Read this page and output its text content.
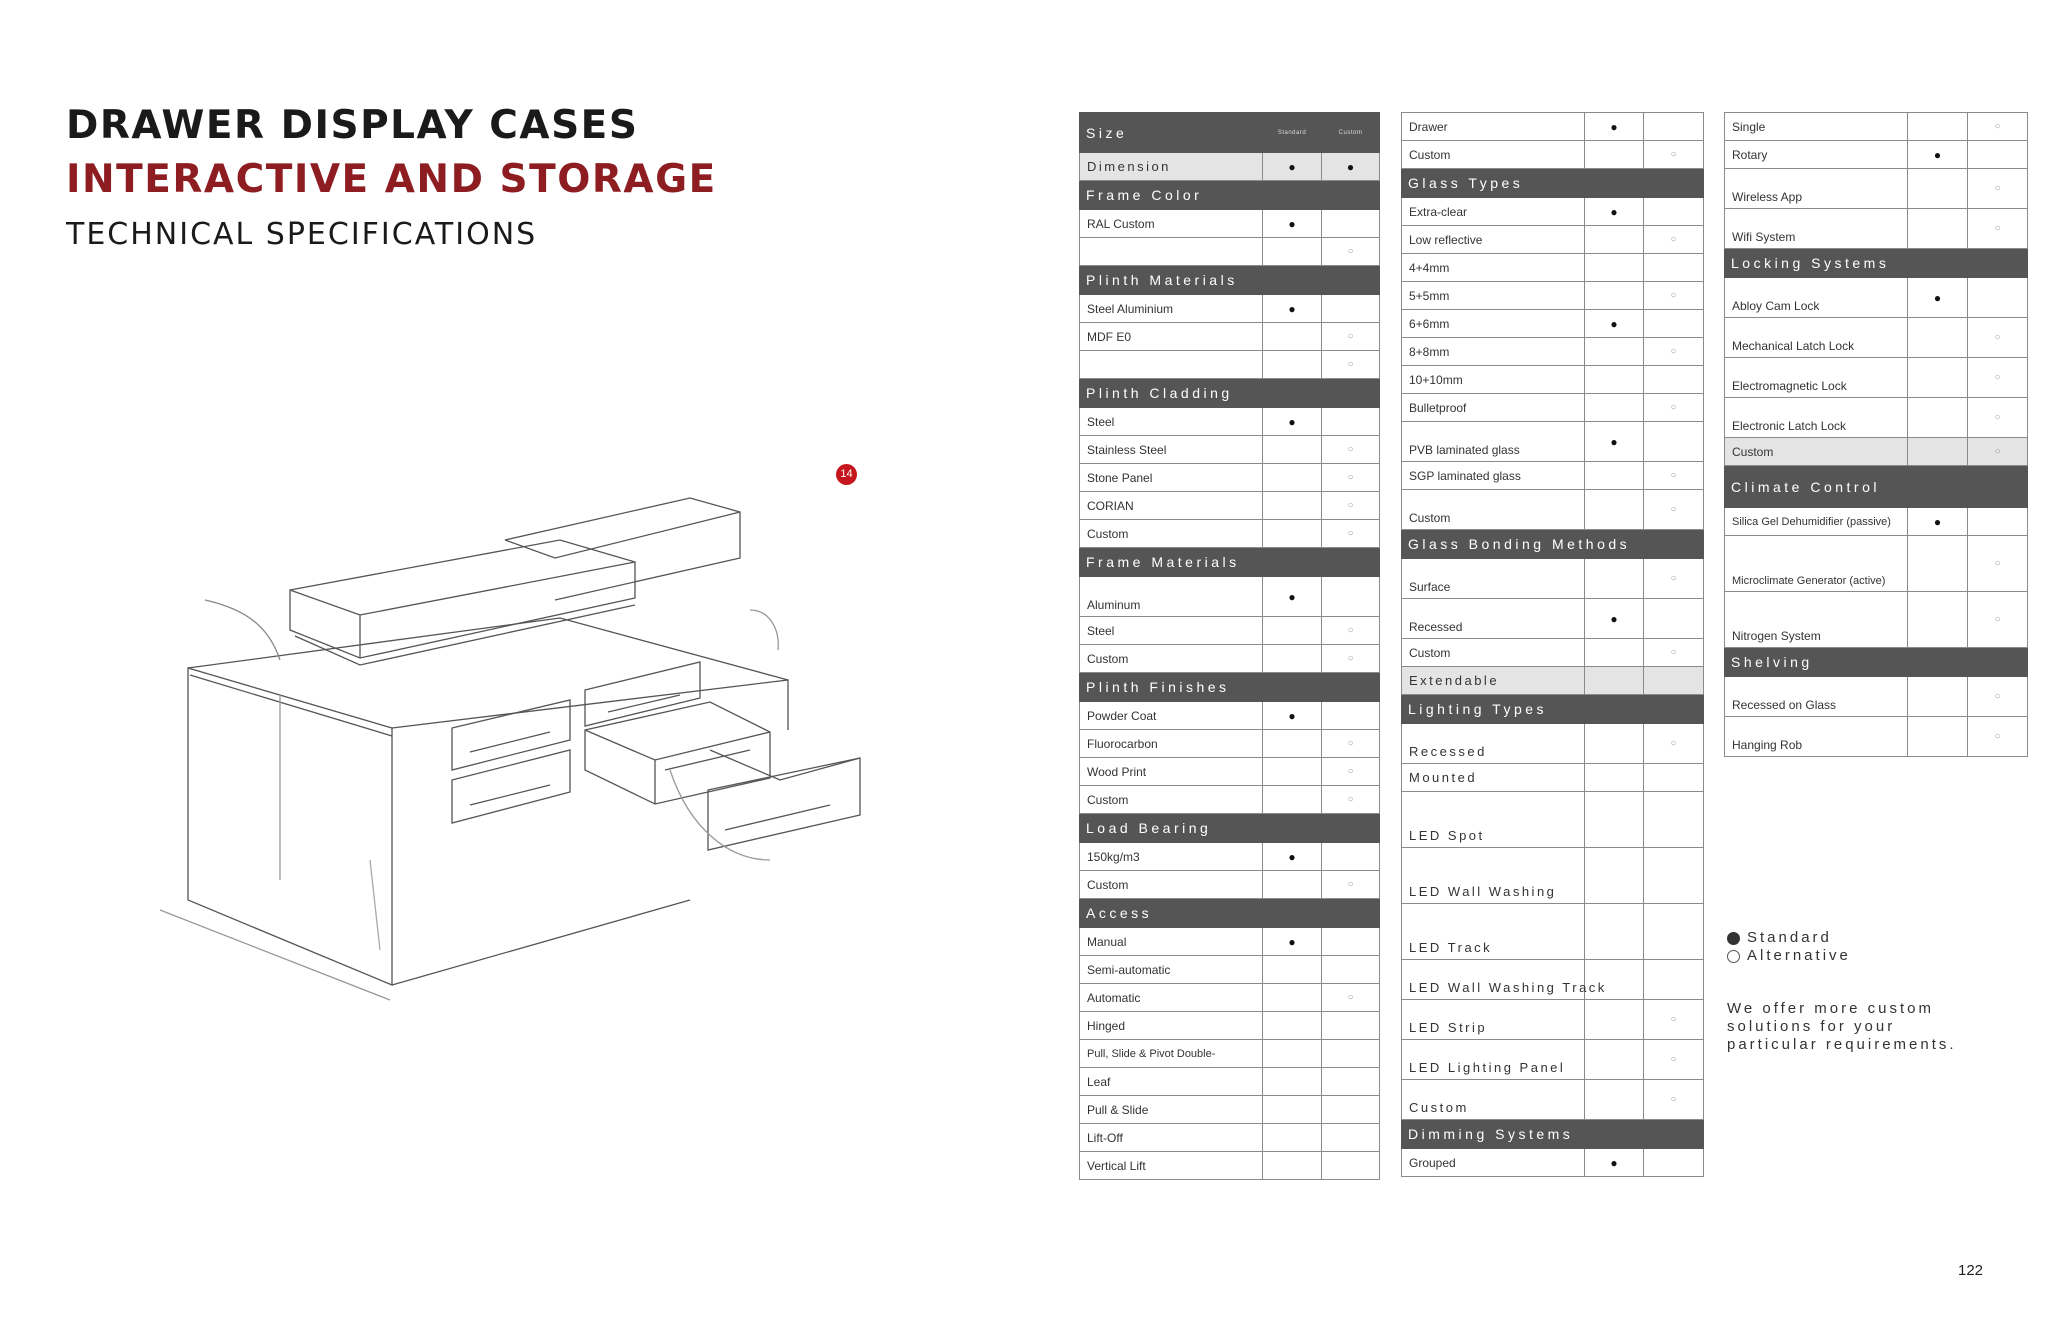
DRAWER DISPLAY CASES
INTERACTIVE AND STORAGE
TECHNICAL SPECIFICATIONS
14
Size	Standard	Custom
Dimension	●	●
Frame Color		
RAL Custom	●	
		○
Plinth Materials		
Steel Aluminium	●	
MDF E0		○
		○
Plinth Cladding		
Steel	●	
Stainless Steel		○
Stone Panel		○
CORIAN		○
Custom		○
Frame Materials		
Aluminum	●	
Steel		○
Custom		○
Plinth Finishes		
Powder Coat	●	
Fluorocarbon		○
Wood Print		○
Custom		○
Load Bearing		
150kg/m3	●	
Custom		○
Access		
Manual	●	
Semi-automatic		
Automatic		○
Hinged		
Pull, Slide & Pivot Double-		
Leaf		
Pull & Slide		
Lift-Off		
Vertical Lift		
Drawer	●	
Custom		○
Glass Types		
Extra-clear	●	
Low reflective		○
4+4mm		
5+5mm		○
6+6mm	●	
8+8mm		○
10+10mm		
Bulletproof		○
PVB laminated glass	●	
SGP laminated glass		○
Custom		○
Glass Bonding Methods		
Surface		○
Recessed	●	
Custom		○
Extendable		
Lighting Types		
Recessed		○
Mounted		
LED Spot		
LED Wall Washing		
LED Track		
LED Wall Washing Track		
LED Strip		○
LED Lighting Panel		○
Custom		○
Dimming Systems		
Grouped	●	
Single		○
Rotary	●	
Wireless App		○
Wifi System		○
Locking Systems		
Abloy Cam Lock	●	
Mechanical Latch Lock		○
Electromagnetic Lock		○
Electronic Latch Lock		○
Custom		○
Climate Control		
Silica Gel Dehumidifier (passive)	●	
Microclimate Generator (active)		○
Nitrogen System		○
Shelving		
Recessed on Glass		○
Hanging Rob		○
Standard
Alternative
We offer more custom solutions for your particular requirements.
122
